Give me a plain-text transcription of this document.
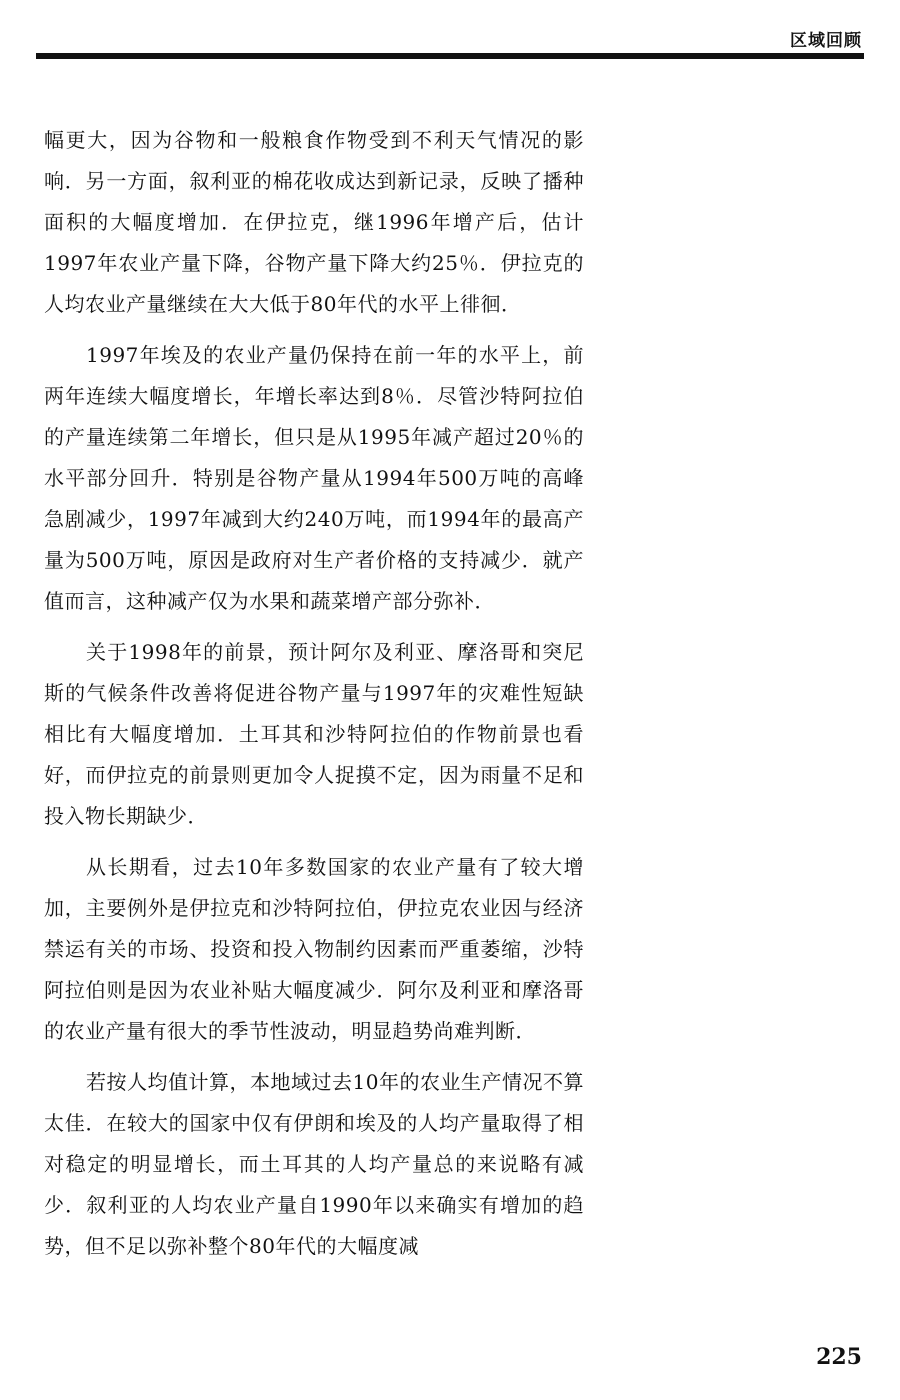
区域回顾

幅更大，因为谷物和一般粮食作物受到不利天气情况的影响．另一方面，叙利亚的棉花收成达到新记录，反映了播种面积的大幅度增加．在伊拉克，继1996年增产后，估计1997年农业产量下降，谷物产量下降大约25％．伊拉克的人均农业产量继续在大大低于80年代的水平上徘徊．

1997年埃及的农业产量仍保持在前一年的水平上，前两年连续大幅度增长，年增长率达到8％．尽管沙特阿拉伯的产量连续第二年增长，但只是从1995年减产超过20％的水平部分回升．特别是谷物产量从1994年500万吨的高峰急剧减少，1997年减到大约240万吨，而1994年的最高产量为500万吨，原因是政府对生产者价格的支持减少．就产值而言，这种减产仅为水果和蔬菜增产部分弥补．

关于1998年的前景，预计阿尔及利亚、摩洛哥和突尼斯的气候条件改善将促进谷物产量与1997年的灾难性短缺相比有大幅度增加．土耳其和沙特阿拉伯的作物前景也看好，而伊拉克的前景则更加令人捉摸不定，因为雨量不足和投入物长期缺少．

从长期看，过去10年多数国家的农业产量有了较大增加，主要例外是伊拉克和沙特阿拉伯，伊拉克农业因与经济禁运有关的市场、投资和投入物制约因素而严重萎缩，沙特阿拉伯则是因为农业补贴大幅度减少．阿尔及利亚和摩洛哥的农业产量有很大的季节性波动，明显趋势尚难判断．

若按人均值计算，本地域过去10年的农业生产情况不算太佳．在较大的国家中仅有伊朗和埃及的人均产量取得了相对稳定的明显增长，而土耳其的人均产量总的来说略有减少．叙利亚的人均农业产量自1990年以来确实有增加的趋势，但不足以弥补整个80年代的大幅度减

225
